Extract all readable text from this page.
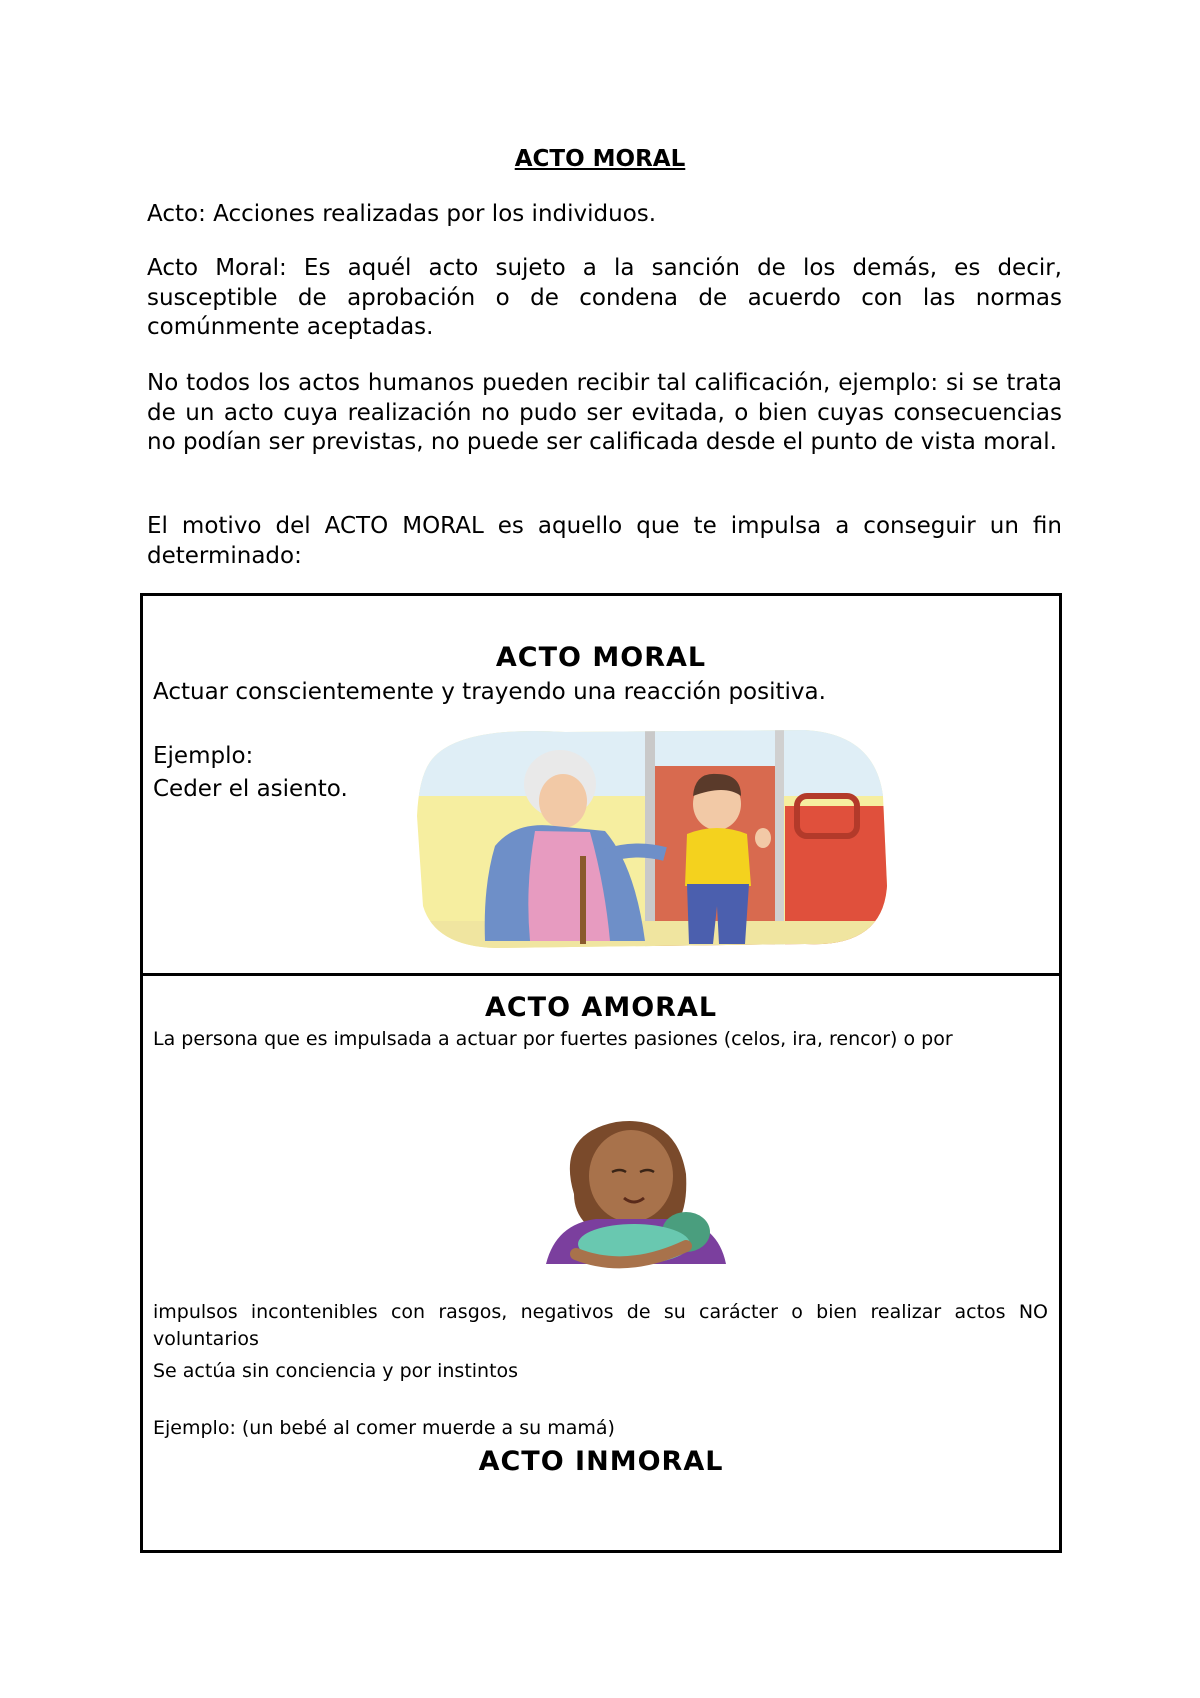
ACTO MORAL

Acto: Acciones realizadas por los individuos.

Acto Moral: Es aquél acto sujeto a la sanción de los demás, es decir, susceptible de aprobación o de condena de acuerdo con las normas comúnmente aceptadas.

No todos los actos humanos pueden recibir tal calificación, ejemplo: si se trata de un acto cuya realización no pudo ser evitada, o bien cuyas consecuencias no podían ser previstas, no puede ser calificada desde el punto de vista moral.

El motivo del ACTO MORAL es aquello que te impulsa a conseguir un fin determinado:

ACTO MORAL

Actuar conscientemente y trayendo una reacción positiva.

Ejemplo:

Ceder el asiento.

ACTO AMORAL

La persona que es impulsada a actuar por fuertes pasiones (celos, ira, rencor) o por

impulsos incontenibles con rasgos, negativos de su carácter o bien realizar actos NO voluntarios

Se actúa sin conciencia y por instintos

Ejemplo: (un bebé al comer muerde a su mamá)

ACTO INMORAL
